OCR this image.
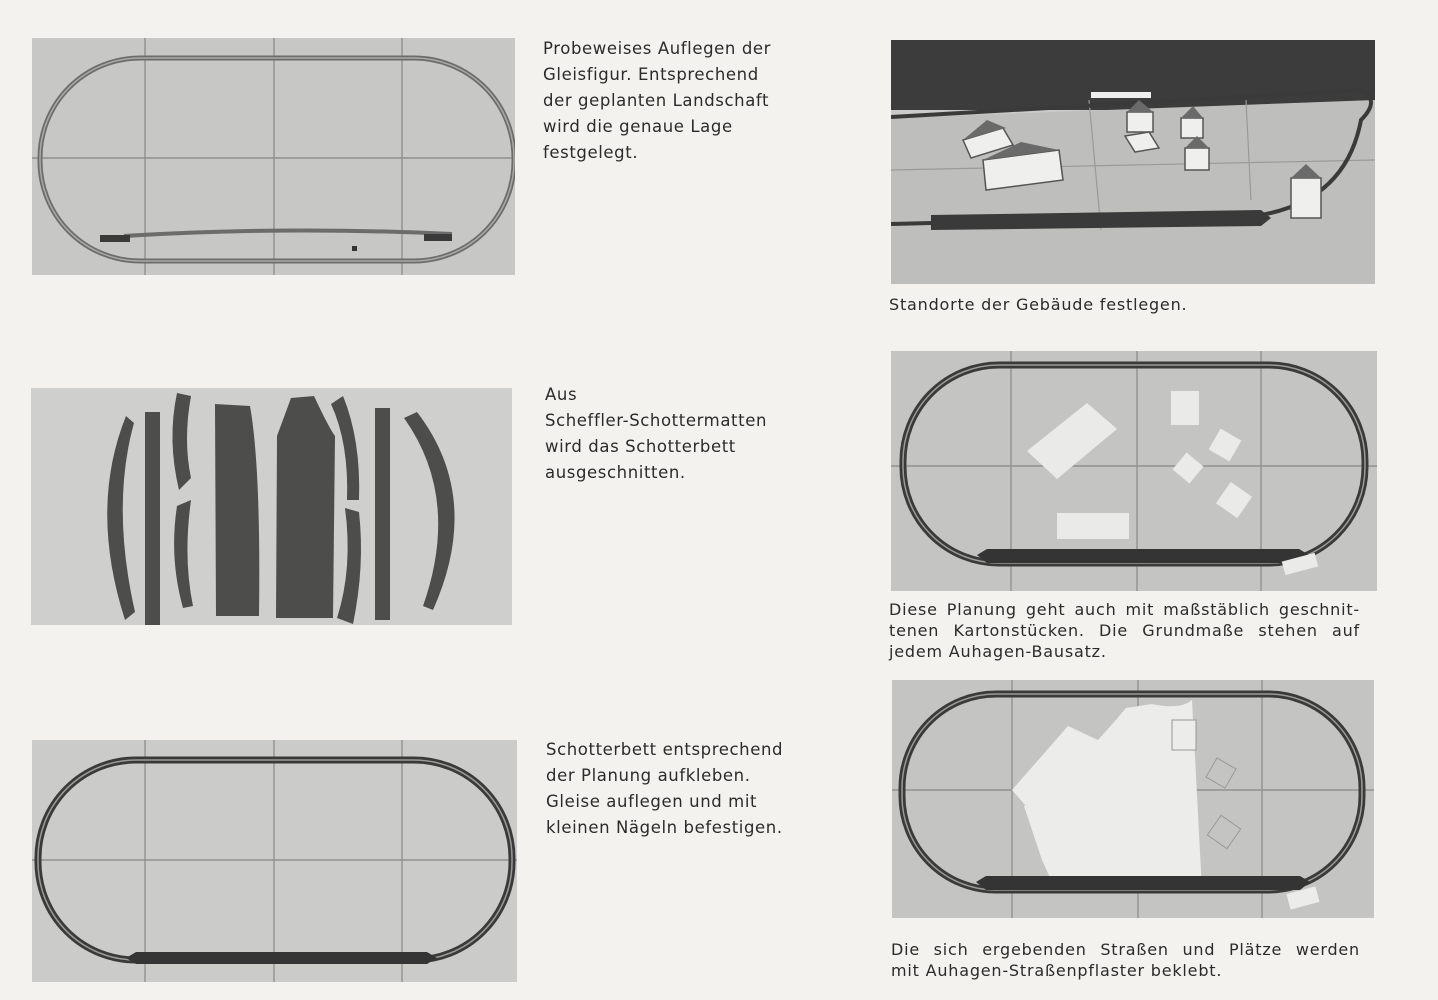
Probeweises Auflegen der
Gleisfigur. Entsprechend
der geplanten Landschaft
wird die genaue Lage
festgelegt.
Aus
Scheffler-Schottermatten
wird das Schotterbett
ausgeschnitten.
Schotterbett entsprechend
der Planung aufkleben.
Gleise auflegen und mit
kleinen Nägeln befestigen.
Standorte der Gebäude festlegen.
Diese Planung geht auch mit maßstäblich geschnit-
tenen Kartonstücken. Die Grundmaße stehen auf
jedem Auhagen-Bausatz.
Die sich ergebenden Straßen und Plätze werden
mit Auhagen-Straßenpflaster beklebt.
